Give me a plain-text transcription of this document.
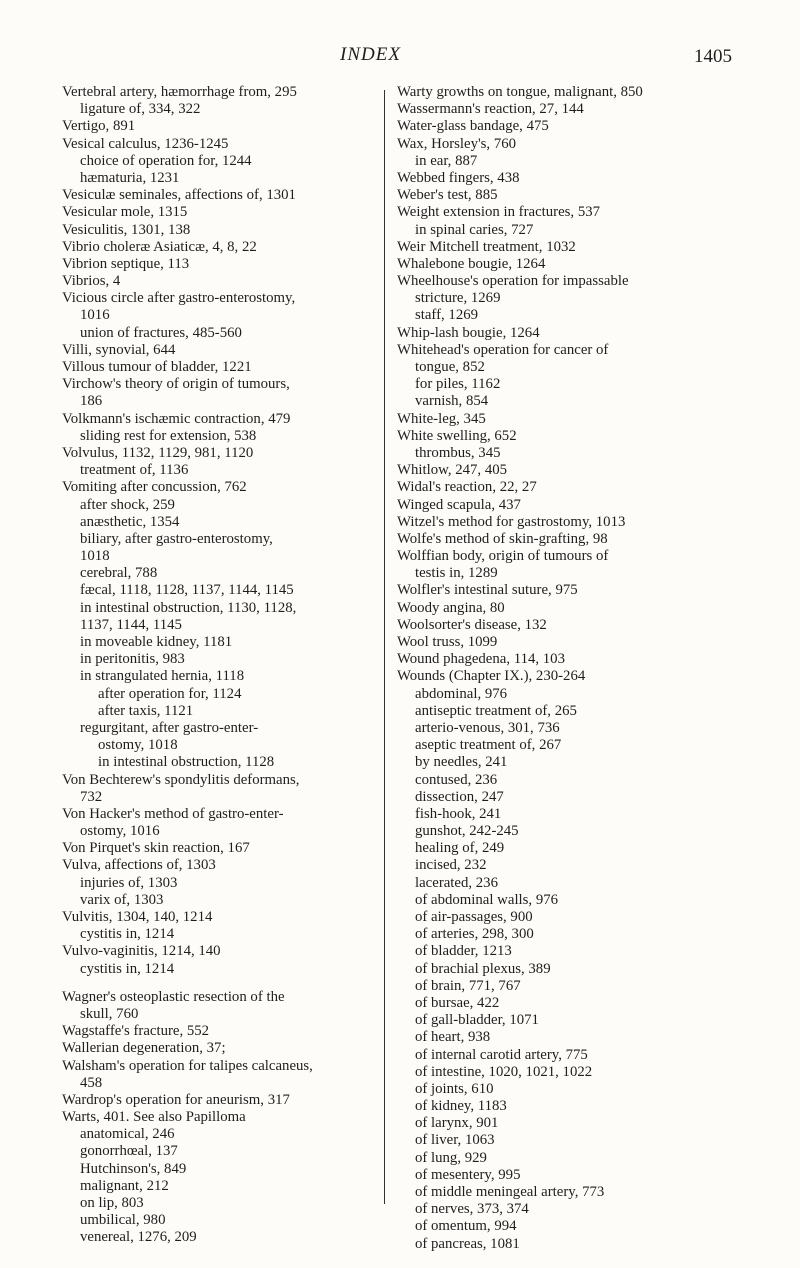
INDEX	1405
Vertebral artery, hæmorrhage from, 295
ligature of, 334, 322
Vertigo, 891
Vesical calculus, 1236-1245
choice of operation for, 1244
hæmaturia, 1231
Vesiculæ seminales, affections of, 1301
Vesicular mole, 1315
Vesiculitis, 1301, 138
Vibrio choleræ Asiaticæ, 4, 8, 22
Vibrion septique, 113
Vibrios, 4
Vicious circle after gastro-enterostomy,
1016
union of fractures, 485-560
Villi, synovial, 644
Villous tumour of bladder, 1221
Virchow's theory of origin of tumours,
186
Volkmann's ischæmic contraction, 479
sliding rest for extension, 538
Volvulus, 1132, 1129, 981, 1120
treatment of, 1136
Vomiting after concussion, 762
after shock, 259
anæsthetic, 1354
biliary, after gastro-enterostomy,
1018
cerebral, 788
fæcal, 1118, 1128, 1137, 1144, 1145
in intestinal obstruction, 1130, 1128,
1137, 1144, 1145
in moveable kidney, 1181
in peritonitis, 983
in strangulated hernia, 1118
after operation for, 1124
after taxis, 1121
regurgitant, after gastro-enter-
ostomy, 1018
in intestinal obstruction, 1128
Von Bechterew's spondylitis deformans,
732
Von Hacker's method of gastro-enter-
ostomy, 1016
Von Pirquet's skin reaction, 167
Vulva, affections of, 1303
injuries of, 1303
varix of, 1303
Vulvitis, 1304, 140, 1214
cystitis in, 1214
Vulvo-vaginitis, 1214, 140
cystitis in, 1214
Wagner's osteoplastic resection of the
skull, 760
Wagstaffe's fracture, 552
Wallerian degeneration, 37;
Walsham's operation for talipes calcaneus,
458
Wardrop's operation for aneurism, 317
Warts, 401. See also Papilloma
anatomical, 246
gonorrhœal, 137
Hutchinson's, 849
malignant, 212
on lip, 803
umbilical, 980
venereal, 1276, 209
Warty growths on tongue, malignant, 850
Wassermann's reaction, 27, 144
Water-glass bandage, 475
Wax, Horsley's, 760
in ear, 887
Webbed fingers, 438
Weber's test, 885
Weight extension in fractures, 537
in spinal caries, 727
Weir Mitchell treatment, 1032
Whalebone bougie, 1264
Wheelhouse's operation for impassable
stricture, 1269
staff, 1269
Whip-lash bougie, 1264
Whitehead's operation for cancer of
tongue, 852
for piles, 1162
varnish, 854
White-leg, 345
White swelling, 652
thrombus, 345
Whitlow, 247, 405
Widal's reaction, 22, 27
Winged scapula, 437
Witzel's method for gastrostomy, 1013
Wolfe's method of skin-grafting, 98
Wolffian body, origin of tumours of
testis in, 1289
Wolfler's intestinal suture, 975
Woody angina, 80
Woolsorter's disease, 132
Wool truss, 1099
Wound phagedena, 114, 103
Wounds (Chapter IX.), 230-264
abdominal, 976
antiseptic treatment of, 265
arterio-venous, 301, 736
aseptic treatment of, 267
by needles, 241
contused, 236
dissection, 247
fish-hook, 241
gunshot, 242-245
healing of, 249
incised, 232
lacerated, 236
of abdominal walls, 976
of air-passages, 900
of arteries, 298, 300
of bladder, 1213
of brachial plexus, 389
of brain, 771, 767
of bursae, 422
of gall-bladder, 1071
of heart, 938
of internal carotid artery, 775
of intestine, 1020, 1021, 1022
of joints, 610
of kidney, 1183
of larynx, 901
of liver, 1063
of lung, 929
of mesentery, 995
of middle meningeal artery, 773
of nerves, 373, 374
of omentum, 994
of pancreas, 1081
